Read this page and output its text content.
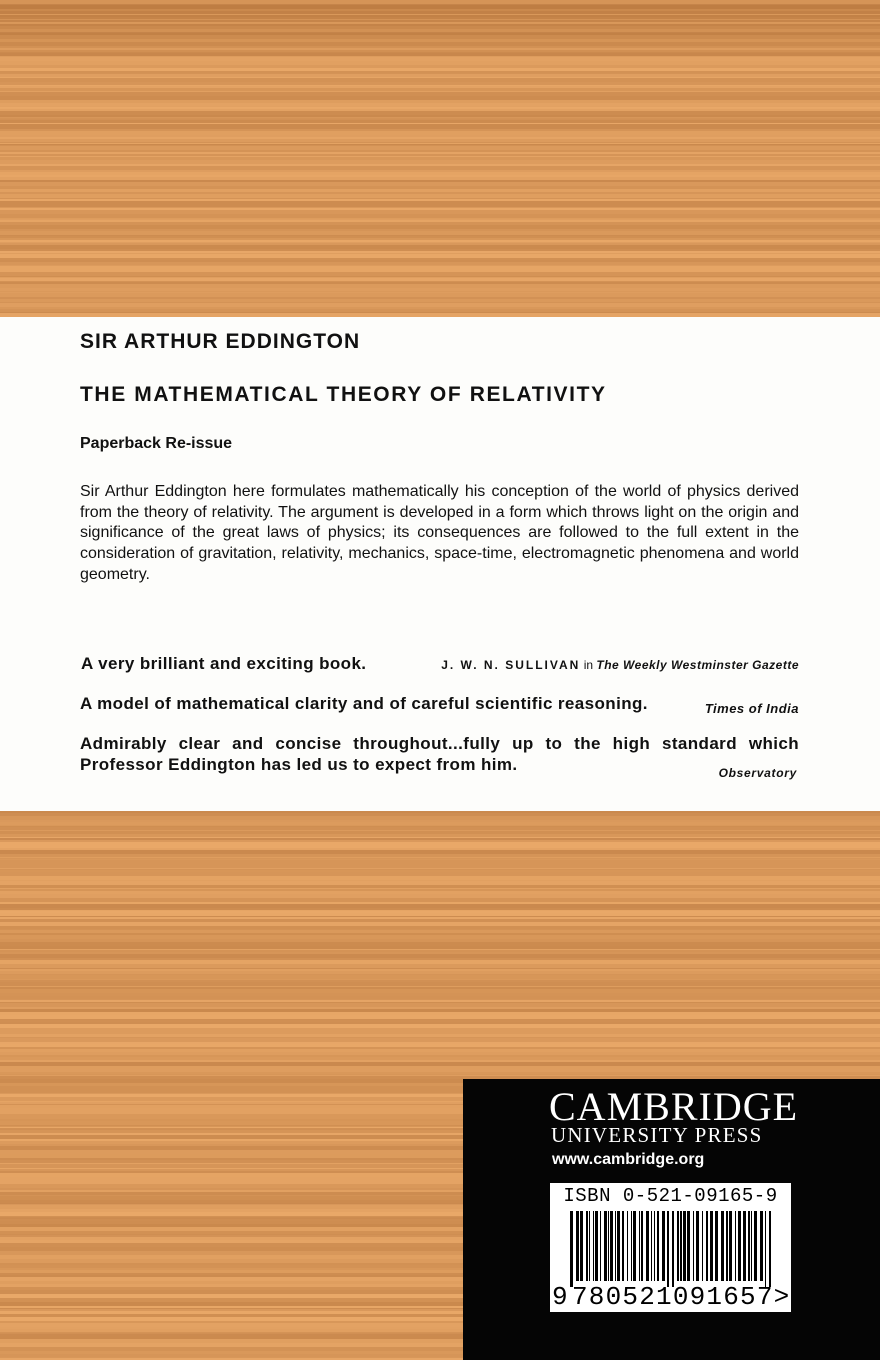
SIR ARTHUR EDDINGTON
THE MATHEMATICAL THEORY OF RELATIVITY
Paperback Re-issue

Sir Arthur Eddington here formulates mathematically his conception of the world of physics derived from the theory of relativity. The argument is developed in a form which throws light on the origin and significance of the great laws of physics; its consequences are followed to the full extent in the consideration of gravitation, relativity, mechanics, space-time, electromagnetic phenomena and world geometry.

A very brilliant and exciting book.	J. W. N. SULLIVAN in The Weekly Westminster Gazette
A model of mathematical clarity and of careful scientific reasoning.	Times of India

Admirably clear and concise throughout...fully up to the high standard which Professor Eddington has led us to expect from him.	Observatory
CAMBRIDGE
UNIVERSITY PRESS
www.cambridge.org
ISBN 0-521-09165-9
9 780521091657>
